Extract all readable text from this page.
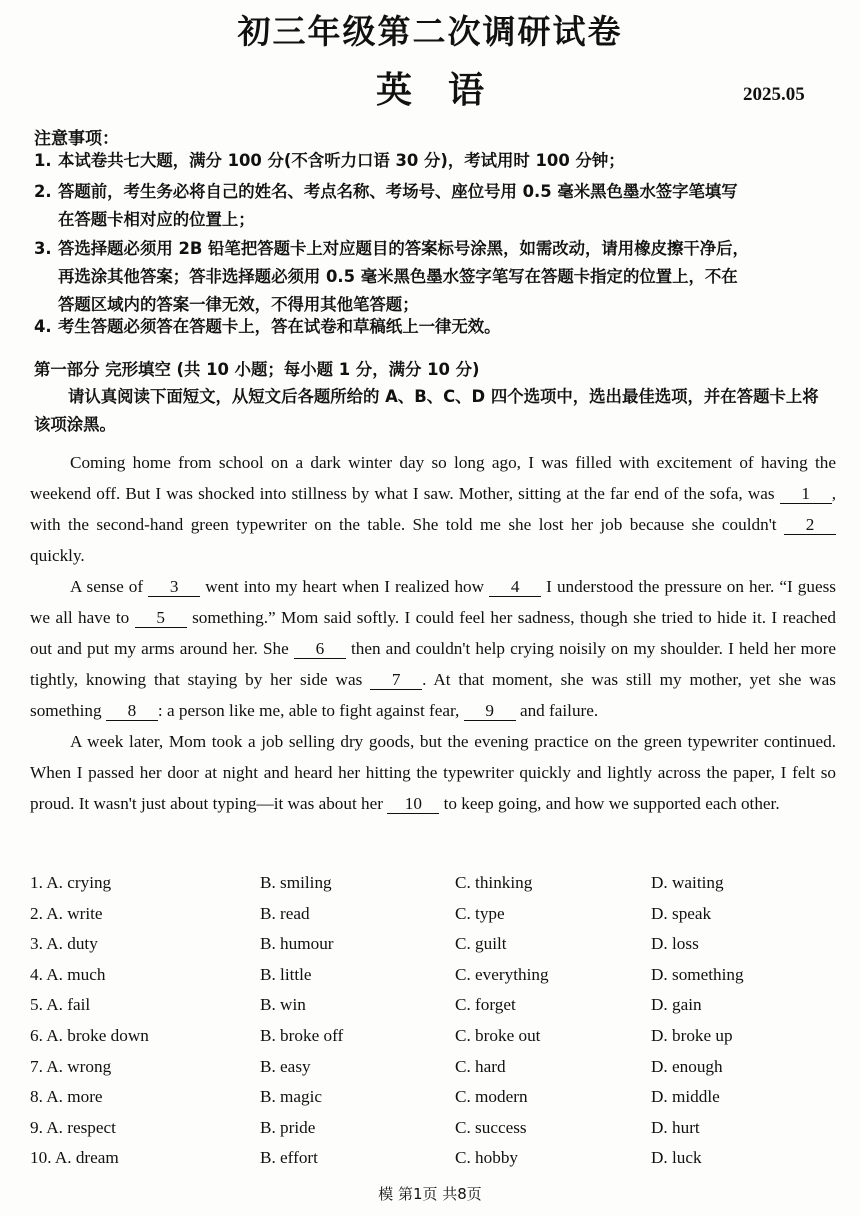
初三年级第二次调研试卷
英　语	2025.05
注意事项：
1. 本试卷共七大题，满分 100 分(不含听力口语 30 分)，考试用时 100 分钟；
2. 答题前，考生务必将自己的姓名、考点名称、考场号、座位号用 0.5 毫米黑色墨水签字笔填写
在答题卡相对应的位置上；
3. 答选择题必须用 2B 铅笔把答题卡上对应题目的答案标号涂黑，如需改动，请用橡皮擦干净后，
再选涂其他答案；答非选择题必须用 0.5 毫米黑色墨水签字笔写在答题卡指定的位置上，不在
答题区域内的答案一律无效，不得用其他笔答题；
4. 考生答题必须答在答题卡上，答在试卷和草稿纸上一律无效。
第一部分 完形填空 (共 10 小题；每小题 1 分，满分 10 分)
请认真阅读下面短文，从短文后各题所给的 A、B、C、D 四个选项中，选出最佳选项，并在答题卡上将该项涂黑。

Coming home from school on a dark winter day so long ago, I was filled with excitement of having the weekend off. But I was shocked into stillness by what I saw. Mother, sitting at the far end of the sofa, was 1 , with the second-hand green typewriter on the table. She told me she lost her job because she couldn't 2 quickly.

A sense of 3 went into my heart when I realized how 4 I understood the pressure on her. “I guess we all have to 5 something.” Mom said softly. I could feel her sadness, though she tried to hide it. I reached out and put my arms around her. She 6 then and couldn't help crying noisily on my shoulder. I held her more tightly, knowing that staying by her side was 7 . At that moment, she was still my mother, yet she was something 8 : a person like me, able to fight against fear, 9 and failure.

A week later, Mom took a job selling dry goods, but the evening practice on the green typewriter continued. When I passed her door at night and heard her hitting the typewriter quickly and lightly across the paper, I felt so proud. It wasn't just about typing—it was about her 10 to keep going, and how we supported each other.

1. A. crying	B. smiling	C. thinking	D. waiting
2. A. write	B. read	C. type	D. speak
3. A. duty	B. humour	C. guilt	D. loss
4. A. much	B. little	C. everything	D. something
5. A. fail	B. win	C. forget	D. gain
6. A. broke down	B. broke off	C. broke out	D. broke up
7. A. wrong	B. easy	C. hard	D. enough
8. A. more	B. magic	C. modern	D. middle
9. A. respect	B. pride	C. success	D. hurt
10. A. dream	B. effort	C. hobby	D. luck
模 第1页 共8页
